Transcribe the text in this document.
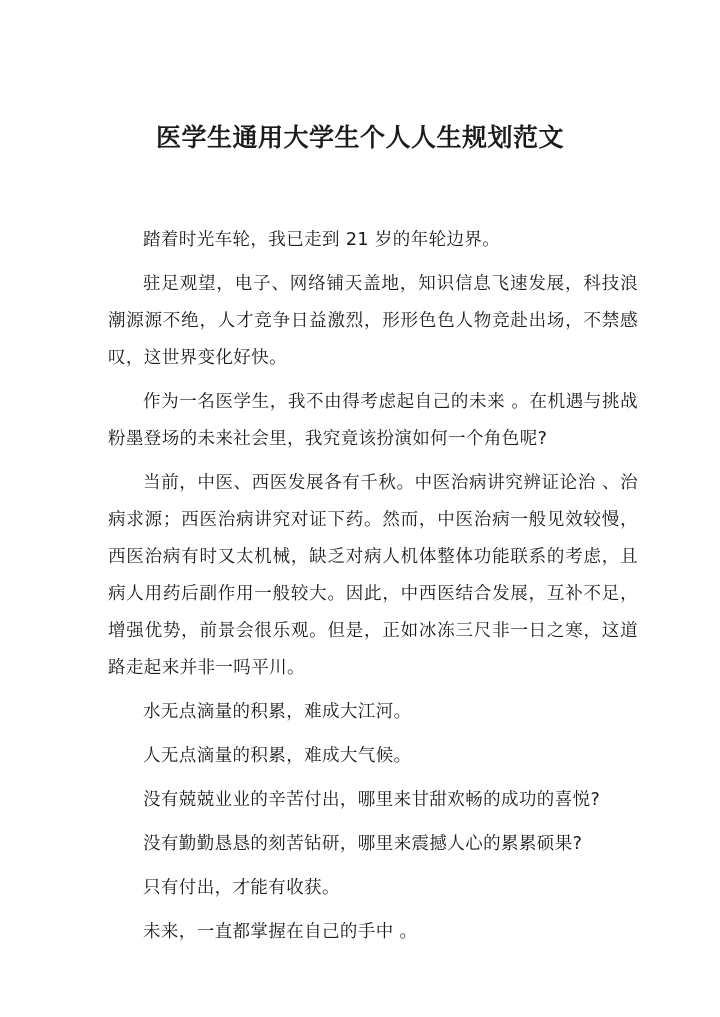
医学生通用大学生个人人生规划范文

踏着时光车轮，我已走到 21 岁的年轮边界。

驻足观望，电子、网络铺天盖地，知识信息飞速发展，科技浪潮源源不绝，人才竞争日益激烈，形形色色人物竞赴出场，不禁感叹，这世界变化好快。

作为一名医学生，我不由得考虑起自己的未来 。在机遇与挑战粉墨登场的未来社会里，我究竟该扮演如何一个角色呢?

当前，中医、西医发展各有千秋。中医治病讲究辨证论治 、治病求源；西医治病讲究对证下药。然而，中医治病一般见效较慢，西医治病有时又太机械，缺乏对病人机体整体功能联系的考虑，且病人用药后副作用一般较大。因此，中西医结合发展，互补不足，增强优势，前景会很乐观。但是，正如冰冻三尺非一日之寒，这道路走起来并非一吗平川。

水无点滴量的积累，难成大江河。

人无点滴量的积累，难成大气候。

没有兢兢业业的辛苦付出，哪里来甘甜欢畅的成功的喜悦?

没有勤勤恳恳的刻苦钻研，哪里来震撼人心的累累硕果?

只有付出，才能有收获。

未来，一直都掌握在自己的手中 。
